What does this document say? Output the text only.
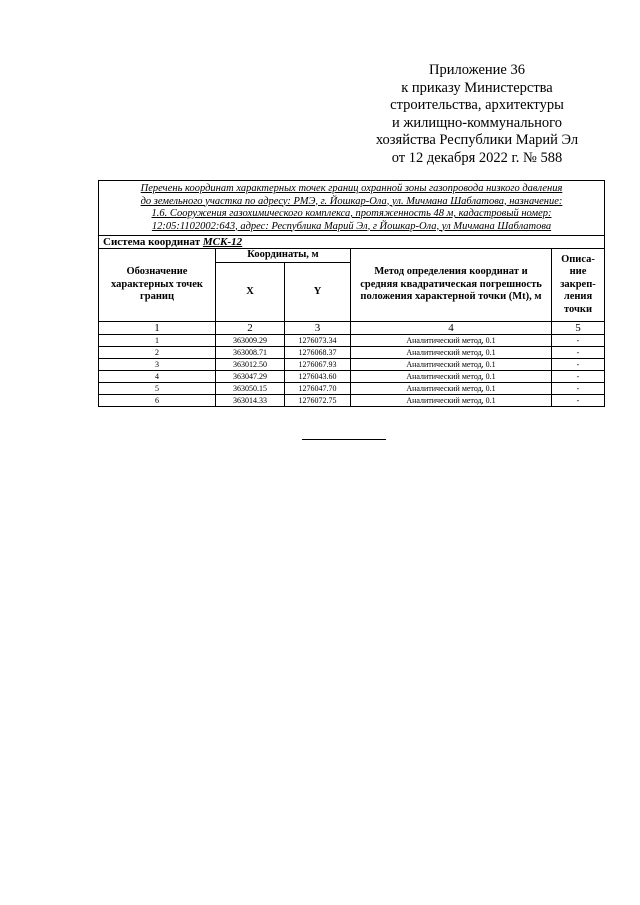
Приложение 36
к приказу Министерства
строительства, архитектуры
и жилищно-коммунального
хозяйства Республики Марий Эл
от 12 декабря 2022 г. № 588
Перечень координат характерных точек границ охранной зоны газопровода низкого давления
до земельного участка по адресу: РМЭ, г. Йошкар-Ола, ул. Мичмана Шаблатова, назначение:
1.6. Сооружения газохимического комплекса, протяженность 48 м, кадастровый номер:
12:05:1102002:643, адрес: Республика Марий Эл, г Йошкар-Ола, ул Мичмана Шаблатова				

Система координат МСК-12				
Обозначение характерных точек границ	Координаты, м		Метод определения координат и средняя квадратическая погрешность положения характерной точки (Mt), м	Описа-ние закреп-ления точки
	X	Y		
1	2	3	4	5
1	363009.29	1276073.34	Аналитический метод, 0.1	-
2	363008.71	1276068.37	Аналитический метод, 0.1	-
3	363012.50	1276067.93	Аналитический метод, 0.1	-
4	363047.29	1276043.60	Аналитический метод, 0.1	-
5	363050.15	1276047.70	Аналитический метод, 0.1	-
6	363014.33	1276072.75	Аналитический метод, 0.1	-
